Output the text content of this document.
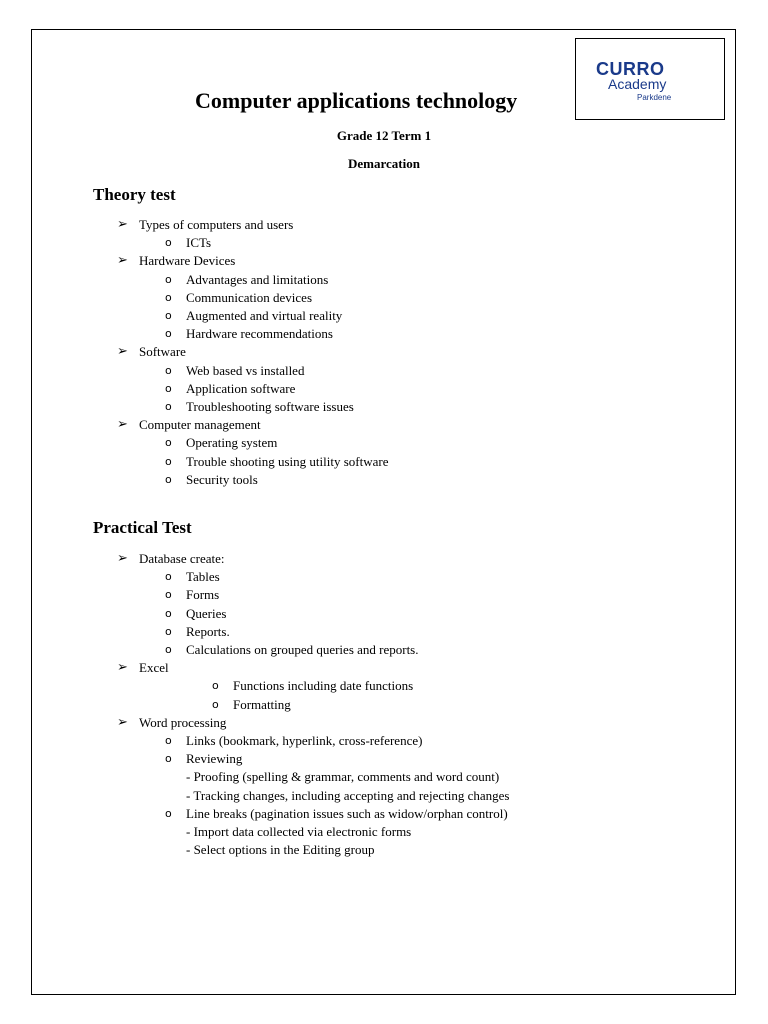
CURRO
Academy
Parkdene
Computer applications technology
Grade 12 Term 1
Demarcation
Theory test
➢ Types of computers and users
o ICTs
➢ Hardware Devices
o Advantages and limitations
o Communication devices
o Augmented and virtual reality
o Hardware recommendations
➢ Software
o Web based vs installed
o Application software
o Troubleshooting software issues
➢ Computer management
o Operating system
o Trouble shooting using utility software
o Security tools
Practical Test
➢ Database create:
o Tables
o Forms
o Queries
o Reports.
o Calculations on grouped queries and reports.
➢ Excel
o Functions including date functions
o Formatting
➢ Word processing
o Links (bookmark, hyperlink, cross-reference)
o Reviewing
- Proofing (spelling & grammar, comments and word count)
- Tracking changes, including accepting and rejecting changes
o Line breaks (pagination issues such as widow/orphan control)
- Import data collected via electronic forms
- Select options in the Editing group
